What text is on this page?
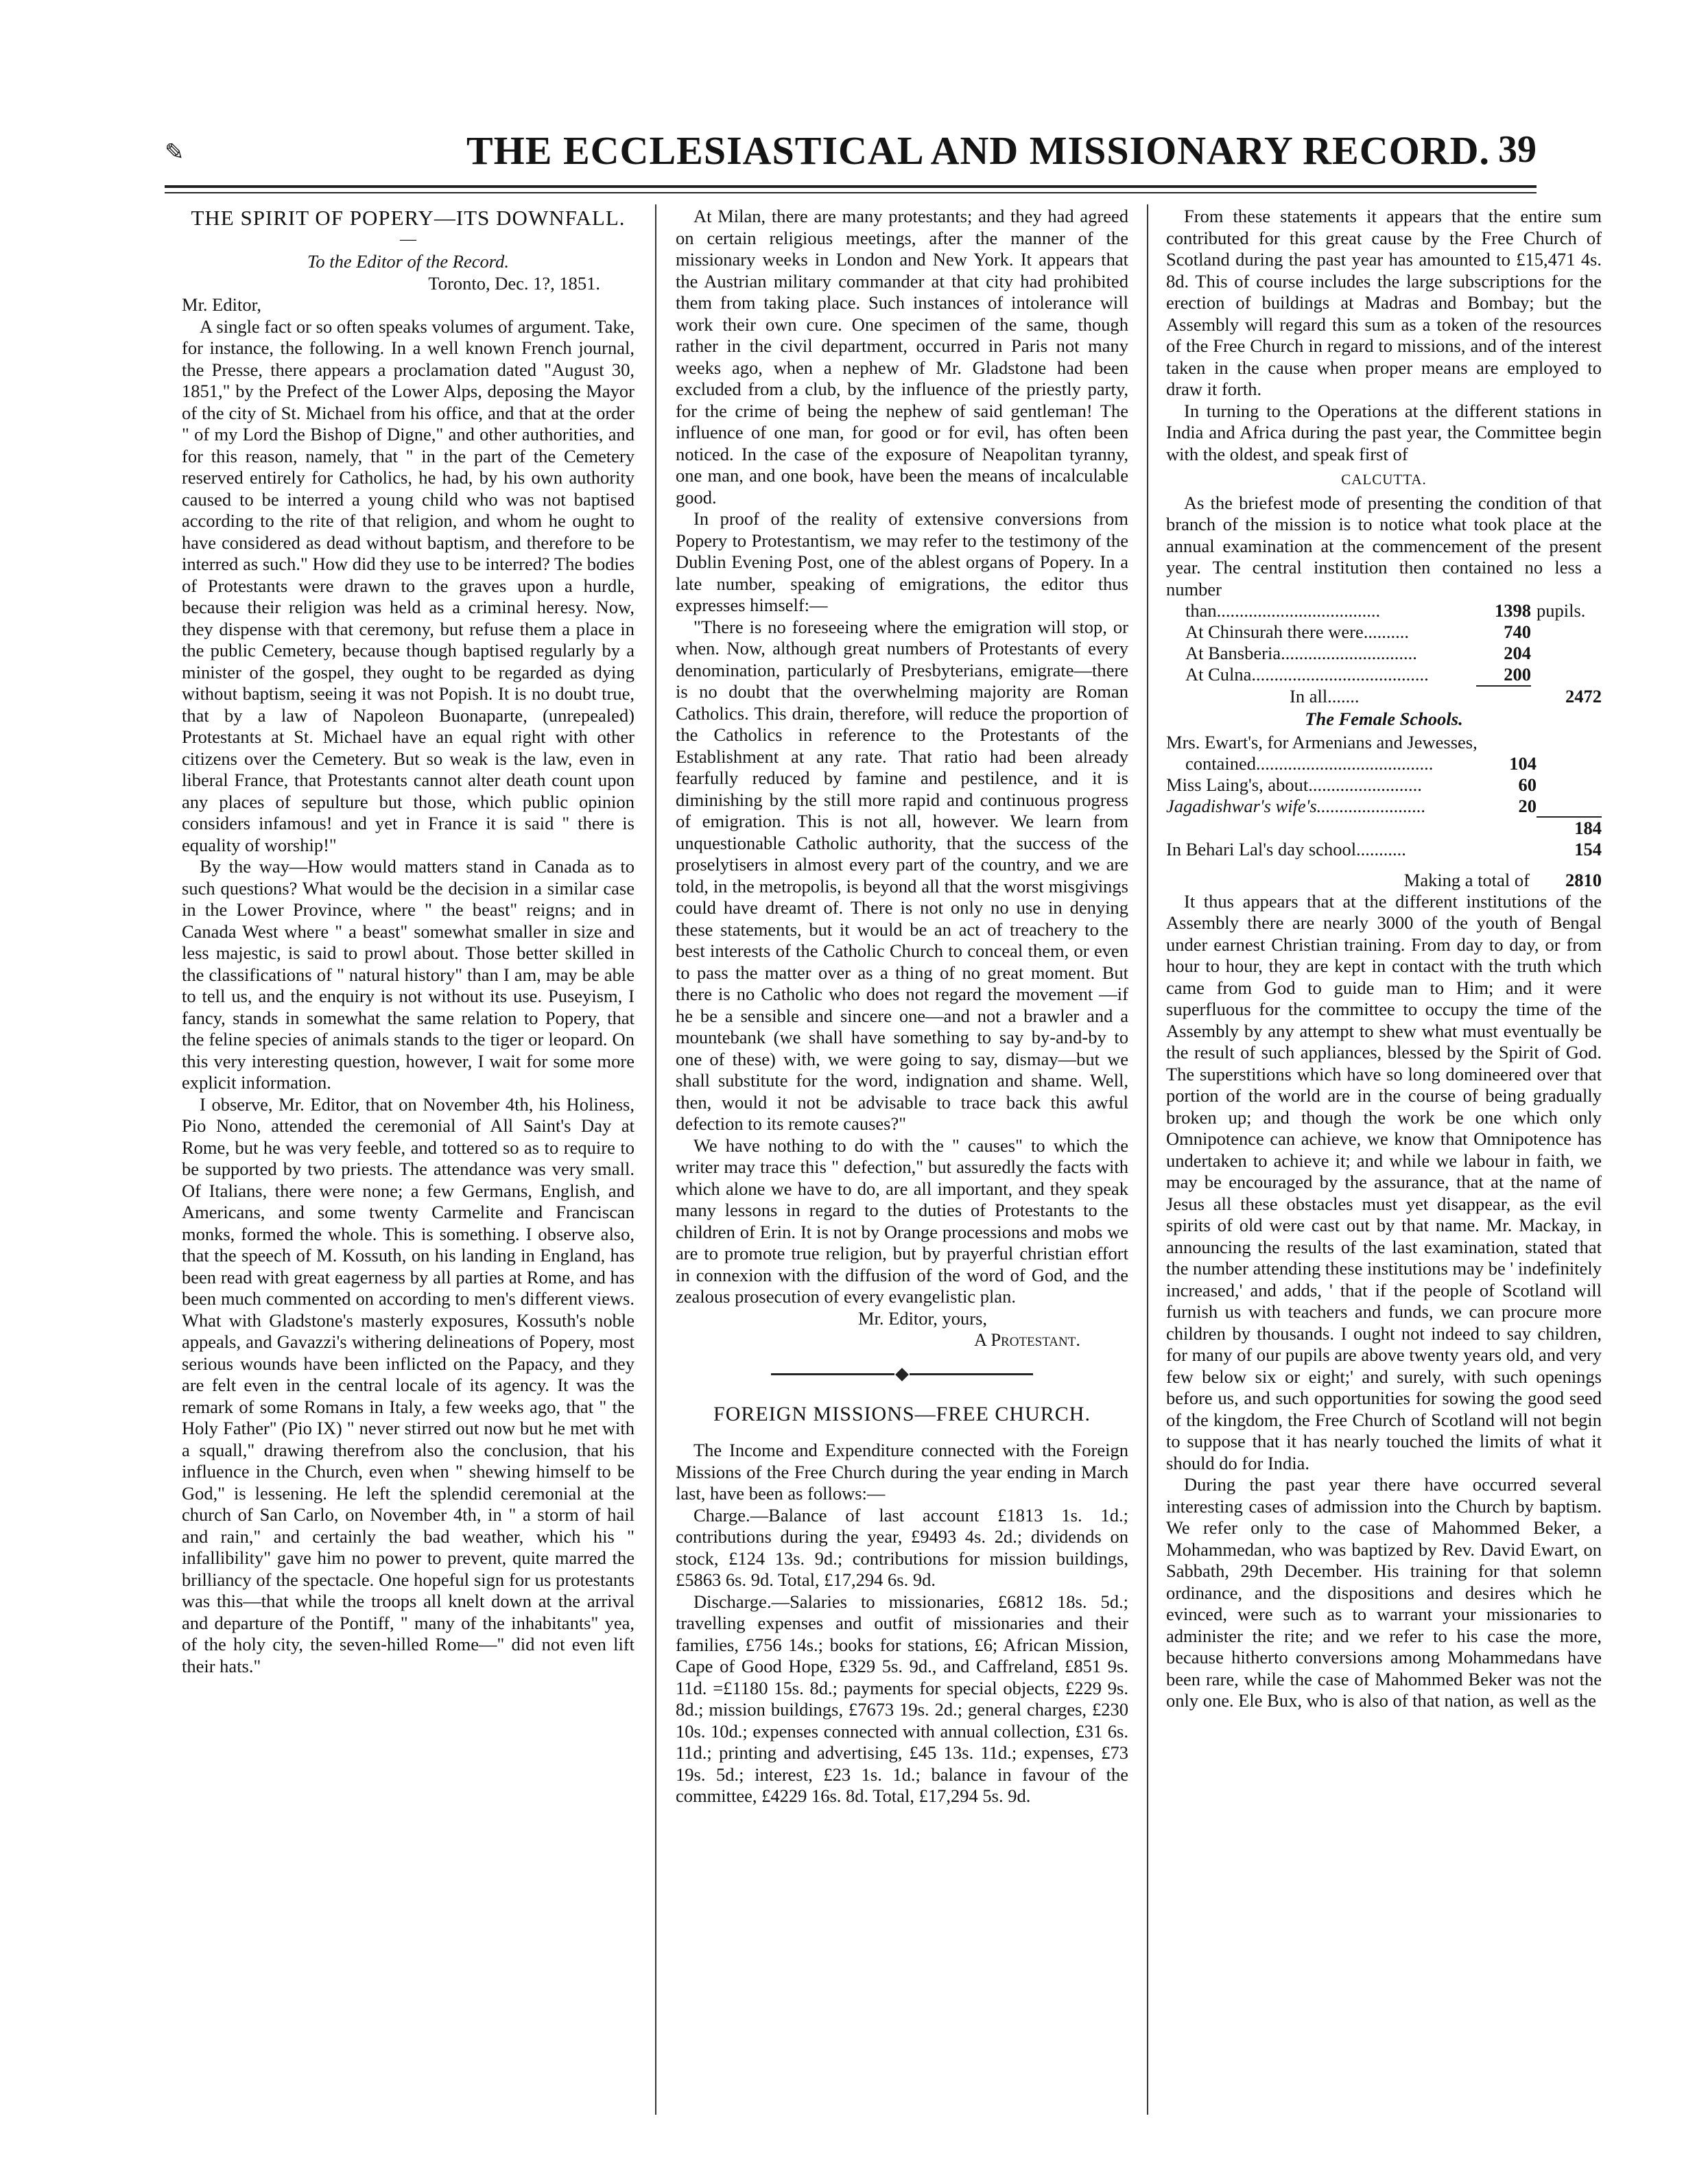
✎	THE ECCLESIASTICAL AND MISSIONARY RECORD. 39
THE SPIRIT OF POPERY—ITS DOWNFALL.
—

To the Editor of the Record.

Toronto, Dec. 1?, 1851.

Mr. Editor,

A single fact or so often speaks volumes of argument. Take, for instance, the following. In a well known French journal, the Presse, there appears a proclamation dated "August 30, 1851," by the Prefect of the Lower Alps, deposing the Mayor of the city of St. Michael from his office, and that at the order " of my Lord the Bishop of Digne," and other authorities, and for this reason, namely, that " in the part of the Cemetery reserved entirely for Catholics, he had, by his own authority caused to be interred a young child who was not baptised according to the rite of that religion, and whom he ought to have considered as dead without baptism, and therefore to be interred as such." How did they use to be interred? The bodies of Protestants were drawn to the graves upon a hurdle, because their religion was held as a criminal heresy. Now, they dispense with that ceremony, but refuse them a place in the public Cemetery, because though baptised regularly by a minister of the gospel, they ought to be regarded as dying without baptism, seeing it was not Popish. It is no doubt true, that by a law of Napoleon Buonaparte, (unrepealed) Protestants at St. Michael have an equal right with other citizens over the Cemetery. But so weak is the law, even in liberal France, that Protestants cannot alter death count upon any places of sepulture but those, which public opinion considers infamous! and yet in France it is said " there is equality of worship!"

By the way—How would matters stand in Canada as to such questions? What would be the decision in a similar case in the Lower Province, where " the beast" reigns; and in Canada West where " a beast" somewhat smaller in size and less majestic, is said to prowl about. Those better skilled in the classifications of " natural history" than I am, may be able to tell us, and the enquiry is not without its use. Puseyism, I fancy, stands in somewhat the same relation to Popery, that the feline species of animals stands to the tiger or leopard. On this very interesting question, however, I wait for some more explicit information.

I observe, Mr. Editor, that on November 4th, his Holiness, Pio Nono, attended the ceremonial of All Saint's Day at Rome, but he was very feeble, and tottered so as to require to be supported by two priests. The attendance was very small. Of Italians, there were none; a few Germans, English, and Americans, and some twenty Carmelite and Franciscan monks, formed the whole. This is something. I observe also, that the speech of M. Kossuth, on his landing in England, has been read with great eagerness by all parties at Rome, and has been much commented on according to men's different views. What with Gladstone's masterly exposures, Kossuth's noble appeals, and Gavazzi's withering delineations of Popery, most serious wounds have been inflicted on the Papacy, and they are felt even in the central locale of its agency. It was the remark of some Romans in Italy, a few weeks ago, that " the Holy Father" (Pio IX) " never stirred out now but he met with a squall," drawing therefrom also the conclusion, that his influence in the Church, even when " shewing himself to be God," is lessening. He left the splendid ceremonial at the church of San Carlo, on November 4th, in " a storm of hail and rain," and certainly the bad weather, which his " infallibility" gave him no power to prevent, quite marred the brilliancy of the spectacle. One hopeful sign for us protestants was this—that while the troops all knelt down at the arrival and departure of the Pontiff, " many of the inhabitants" yea, of the holy city, the seven-hilled Rome—" did not even lift their hats."

At Milan, there are many protestants; and they had agreed on certain religious meetings, after the manner of the missionary weeks in London and New York. It appears that the Austrian military commander at that city had prohibited them from taking place. Such instances of intolerance will work their own cure. One specimen of the same, though rather in the civil department, occurred in Paris not many weeks ago, when a nephew of Mr. Gladstone had been excluded from a club, by the influence of the priestly party, for the crime of being the nephew of said gentleman! The influence of one man, for good or for evil, has often been noticed. In the case of the exposure of Neapolitan tyranny, one man, and one book, have been the means of incalculable good.

In proof of the reality of extensive conversions from Popery to Protestantism, we may refer to the testimony of the Dublin Evening Post, one of the ablest organs of Popery. In a late number, speaking of emigrations, the editor thus expresses himself:—

"There is no foreseeing where the emigration will stop, or when. Now, although great numbers of Protestants of every denomination, particularly of Presbyterians, emigrate—there is no doubt that the overwhelming majority are Roman Catholics. This drain, therefore, will reduce the proportion of the Catholics in reference to the Protestants of the Establishment at any rate. That ratio had been already fearfully reduced by famine and pestilence, and it is diminishing by the still more rapid and continuous progress of emigration. This is not all, however. We learn from unquestionable Catholic authority, that the success of the proselytisers in almost every part of the country, and we are told, in the metropolis, is beyond all that the worst misgivings could have dreamt of. There is not only no use in denying these statements, but it would be an act of treachery to the best interests of the Catholic Church to conceal them, or even to pass the matter over as a thing of no great moment. But there is no Catholic who does not regard the movement —if he be a sensible and sincere one—and not a brawler and a mountebank (we shall have something to say by-and-by to one of these) with, we were going to say, dismay—but we shall substitute for the word, indignation and shame. Well, then, would it not be advisable to trace back this awful defection to its remote causes?"

We have nothing to do with the " causes" to which the writer may trace this " defection," but assuredly the facts with which alone we have to do, are all important, and they speak many lessons in regard to the duties of Protestants to the children of Erin. It is not by Orange processions and mobs we are to promote true religion, but by prayerful christian effort in connexion with the diffusion of the word of God, and the zealous prosecution of every evangelistic plan.

Mr. Editor, yours,

A Protestant.

FOREIGN MISSIONS—FREE CHURCH.

The Income and Expenditure connected with the Foreign Missions of the Free Church during the year ending in March last, have been as follows:—

Charge.—Balance of last account £1813 1s. 1d.; contributions during the year, £9493 4s. 2d.; dividends on stock, £124 13s. 9d.; contributions for mission buildings, £5863 6s. 9d. Total, £17,294 6s. 9d.

Discharge.—Salaries to missionaries, £6812 18s. 5d.; travelling expenses and outfit of missionaries and their families, £756 14s.; books for stations, £6; African Mission, Cape of Good Hope, £329 5s. 9d., and Caffreland, £851 9s. 11d. =£1180 15s. 8d.; payments for special objects, £229 9s. 8d.; mission buildings, £7673 19s. 2d.; general charges, £230 10s. 10d.; expenses connected with annual collection, £31 6s. 11d.; printing and advertising, £45 13s. 11d.; expenses, £73 19s. 5d.; interest, £23 1s. 1d.; balance in favour of the committee, £4229 16s. 8d. Total, £17,294 5s. 9d.

From these statements it appears that the entire sum contributed for this great cause by the Free Church of Scotland during the past year has amounted to £15,471 4s. 8d. This of course includes the large subscriptions for the erection of buildings at Madras and Bombay; but the Assembly will regard this sum as a token of the resources of the Free Church in regard to missions, and of the interest taken in the cause when proper means are employed to draw it forth.

In turning to the Operations at the different stations in India and Africa during the past year, the Committee begin with the oldest, and speak first of

CALCUTTA.

As the briefest mode of presenting the condition of that branch of the mission is to notice what took place at the annual examination at the commencement of the present year. The central institution then contained no less a number

than....................................	1398	pupils.
At Chinsurah there were..........	740	
At Bansberia..............................	204	
At Culna.......................................	200	
In all.......		2472
The Female Schools.
Mrs. Ewart's, for Armenians and Jewesses,		
contained.......................................	104	
Miss Laing's, about.........................	60	
Jagadishwar's wife's........................	20	
		184
In Behari Lal's day school...........		154
Making a total of		2810

It thus appears that at the different institutions of the Assembly there are nearly 3000 of the youth of Bengal under earnest Christian training. From day to day, or from hour to hour, they are kept in contact with the truth which came from God to guide man to Him; and it were superfluous for the committee to occupy the time of the Assembly by any attempt to shew what must eventually be the result of such appliances, blessed by the Spirit of God. The superstitions which have so long domineered over that portion of the world are in the course of being gradually broken up; and though the work be one which only Omnipotence can achieve, we know that Omnipotence has undertaken to achieve it; and while we labour in faith, we may be encouraged by the assurance, that at the name of Jesus all these obstacles must yet disappear, as the evil spirits of old were cast out by that name. Mr. Mackay, in announcing the results of the last examination, stated that the number attending these institutions may be ' indefinitely increased,' and adds, ' that if the people of Scotland will furnish us with teachers and funds, we can procure more children by thousands. I ought not indeed to say children, for many of our pupils are above twenty years old, and very few below six or eight;' and surely, with such openings before us, and such opportunities for sowing the good seed of the kingdom, the Free Church of Scotland will not begin to suppose that it has nearly touched the limits of what it should do for India.

During the past year there have occurred several interesting cases of admission into the Church by baptism. We refer only to the case of Mahommed Beker, a Mohammedan, who was baptized by Rev. David Ewart, on Sabbath, 29th December. His training for that solemn ordinance, and the dispositions and desires which he evinced, were such as to warrant your missionaries to administer the rite; and we refer to his case the more, because hitherto conversions among Mohammedans have been rare, while the case of Mahommed Beker was not the only one. Ele Bux, who is also of that nation, as well as the
